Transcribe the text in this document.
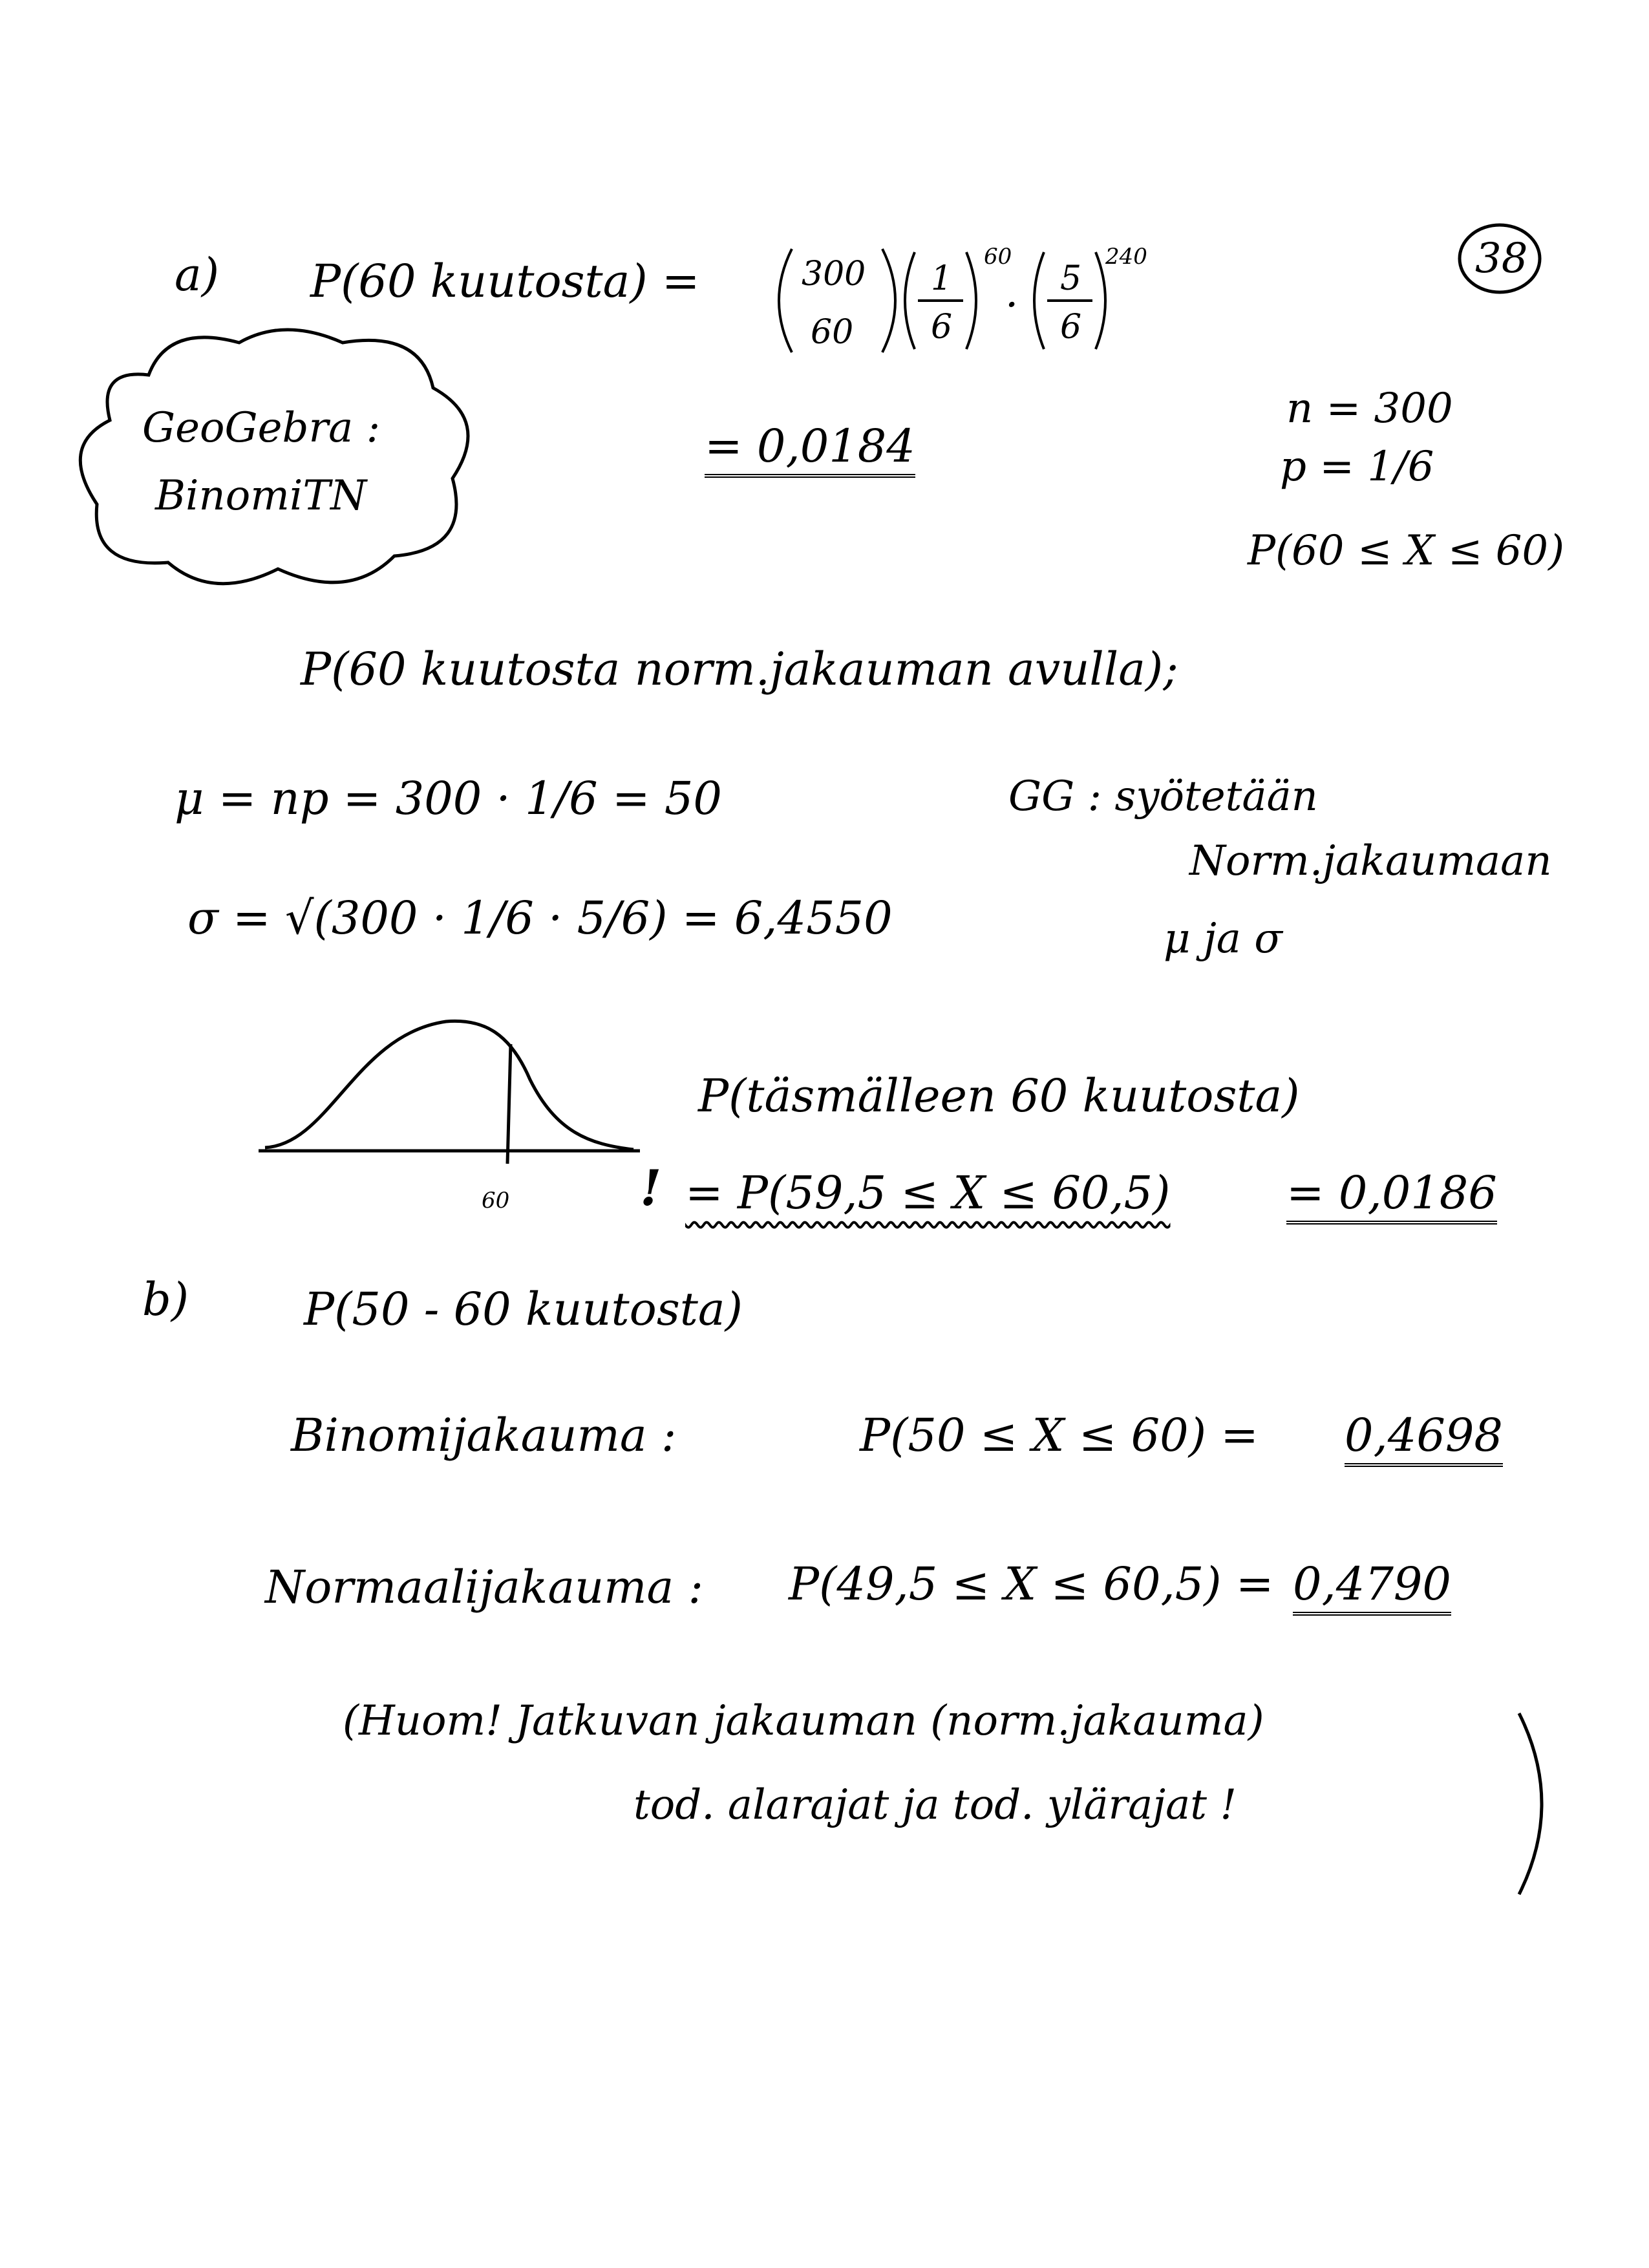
38
a) P(60 kuutosta) =	300
60
1
6
60
·
5
6
240
GeoGebra :
BinomiTN
= 0,0184
n = 300
p = 1/6
P(60 ≤ X ≤ 60)
P(60 kuutosta norm.jakauman avulla);
μ = np = 300 · 1/6 = 50
σ = √(300 · 1/6 · 5/6) = 6,4550
GG : syötetään
Norm.jakaumaan
μ ja σ
60
P(täsmälleen 60 kuutosta)
! = P(59,5 ≤ X ≤ 60,5)	= 0,0186
b)	P(50 - 60 kuutosta)
Binomijakauma :	P(50 ≤ X ≤ 60) = 0,4698
Normaalijakauma : P(49,5 ≤ X ≤ 60,5) = 0,4790
(Huom! Jatkuvan jakauman (norm.jakauma)
tod. alarajat ja tod. ylärajat !
